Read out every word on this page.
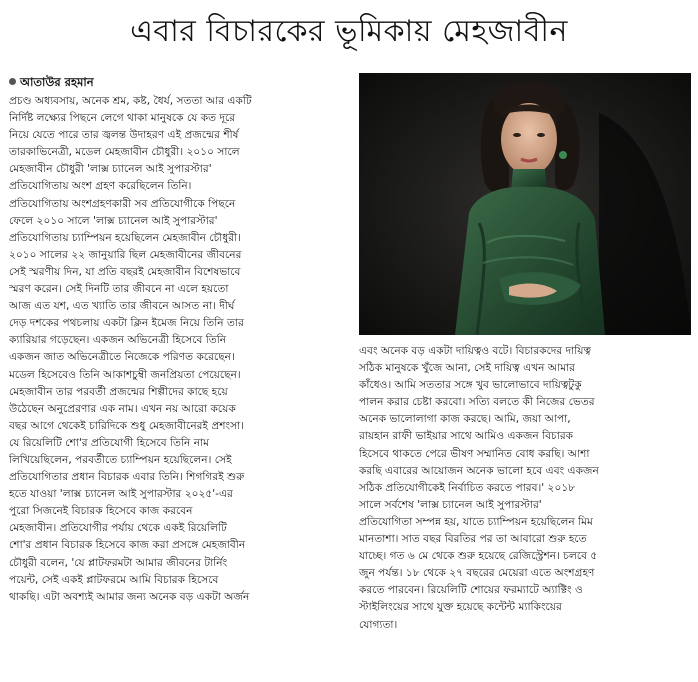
এবার বিচারকের ভূমিকায় মেহজাবীন
আতাউর রহমান
প্রচণ্ড অধ্যবসায়, অনেক শ্রম, কষ্ট, ধৈর্য, সততা আর একটি
নির্দিষ্ট লক্ষ্যের পিছনে লেগে থাকা মানুষকে যে কত দূরে
নিয়ে যেতে পারে তার জ্বলন্ত উদাহরণ এই প্রজন্মের শীর্ষ
তারকাভিনেত্রী, মডেল মেহজাবীন চৌধুরী। ২০১০ সালে
মেহজাবীন চৌধুরী 'লাক্স চ্যানেল আই সুপারস্টার'
প্রতিযোগিতায় অংশ গ্রহণ করেছিলেন তিনি।
প্রতিযোগিতায় অংশগ্রহণকারী সব প্রতিযোগীকে পিছনে
ফেলে ২০১০ সালে 'লাক্স চ্যানেল আই সুপারস্টার'
প্রতিযোগিতায় চ্যাম্পিয়ন হয়েছিলেন মেহজাবীন চৌধুরী।
২০১০ সালের ২২ জানুয়ারি ছিল মেহজাবীনের জীবনের
সেই স্মরণীয় দিন, যা প্রতি বছরই মেহজাবীন বিশেষভাবে
স্মরণ করেন। সেই দিনটি তার জীবনে না এলে হয়তো
আজ এত যশ, এত খ্যাতি তার জীবনে আসত না। দীর্ঘ
দেড় দশকের পথচলায় একটা ক্লিন ইমেজ নিয়ে তিনি তার
ক্যারিয়ার গড়েছেন। একজন অভিনেত্রী হিসেবে তিনি
একজন জাত অভিনেত্রীতে নিজেকে পরিণত করেছেন।
মডেল হিসেবেও তিনি আকাশচুম্বী জনপ্রিয়তা পেয়েছেন।
মেহজাবীন তার পরবর্তী প্রজন্মের শিল্পীদের কাছে হয়ে
উঠেছেন অনুপ্রেরণার এক নাম। এখন নয় আরো কয়েক
বছর আগে থেকেই চারিদিকে শুধু মেহজাবীনেরই প্রশংসা।
যে রিয়েলিটি শো'র প্রতিযোগী হিসেবে তিনি নাম
লিখিয়েছিলেন, পরবর্তীতে চ্যাম্পিয়ন হয়েছিলেন। সেই
প্রতিযোগিতার প্রধান বিচারক এবার তিনি। শিগগিরই শুরু
হতে যাওয়া 'লাক্স চ্যানেল আই সুপারস্টার ২০২৫'-এর
পুরো সিজনেই বিচারক হিসেবে কাজ করবেন
মেহজাবীন। প্রতিযোগীর পর্যায় থেকে একই রিয়েলিটি
শো'র প্রধান বিচারক হিসেবে কাজ করা প্রসঙ্গে মেহজাবীন
চৌধুরী বলেন, 'যে প্লাটফরমটা আমার জীবনের টার্নিং
পয়েন্ট, সেই একই প্লাটফরমে আমি বিচারক হিসেবে
থাকছি। এটা অবশ্যই আমার জন্য অনেক বড় একটা অর্জন
এবং অনেক বড় একটা দায়িত্বও বটে। বিচারকদের দায়িত্ব
সঠিক মানুষকে খুঁজে আনা, সেই দায়িত্ব এখন আমার
কাঁধেও। আমি সততার সঙ্গে খুব ভালোভাবে দায়িত্বটুকু
পালন করার চেষ্টা করবো। সত্যি বলতে কী নিজের ভেতর
অনেক ভালোলাগা কাজ করছে। আমি, জয়া আপা,
রায়হান রাফী ভাইয়ার সাথে আমিও একজন বিচারক
হিসেবে থাকতে পেরে ভীষণ সম্মানিত বোধ করছি। আশা
করছি এবারের আয়োজন অনেক ভালো হবে এবং একজন
সঠিক প্রতিযোগীকেই নির্বাচিত করতে পারব।' ২০১৮
সালে সর্বশেষ 'লাক্স চ্যানেল আই সুপারস্টার'
প্রতিযোগিতা সম্পন্ন হয়, যাতে চ্যাম্পিয়ন হয়েছিলেন মিম
মানতাশা। সাত বছর বিরতির পর তা আবারো শুরু হতে
যাচ্ছে। গত ৬ মে থেকে শুরু হয়েছে রেজিস্ট্রেশন। চলবে ৫
জুন পর্যন্ত। ১৮ থেকে ২৭ বছরের মেয়েরা এতে অংশগ্রহণ
করতে পারবেন। রিয়েলিটি শোয়ের ফরম্যাটে অ্যাক্টিং ও
স্টাইলিংয়ের সাথে যুক্ত হয়েছে কন্টেন্ট ম্যাকিংয়ের
যোগ্যতা।
